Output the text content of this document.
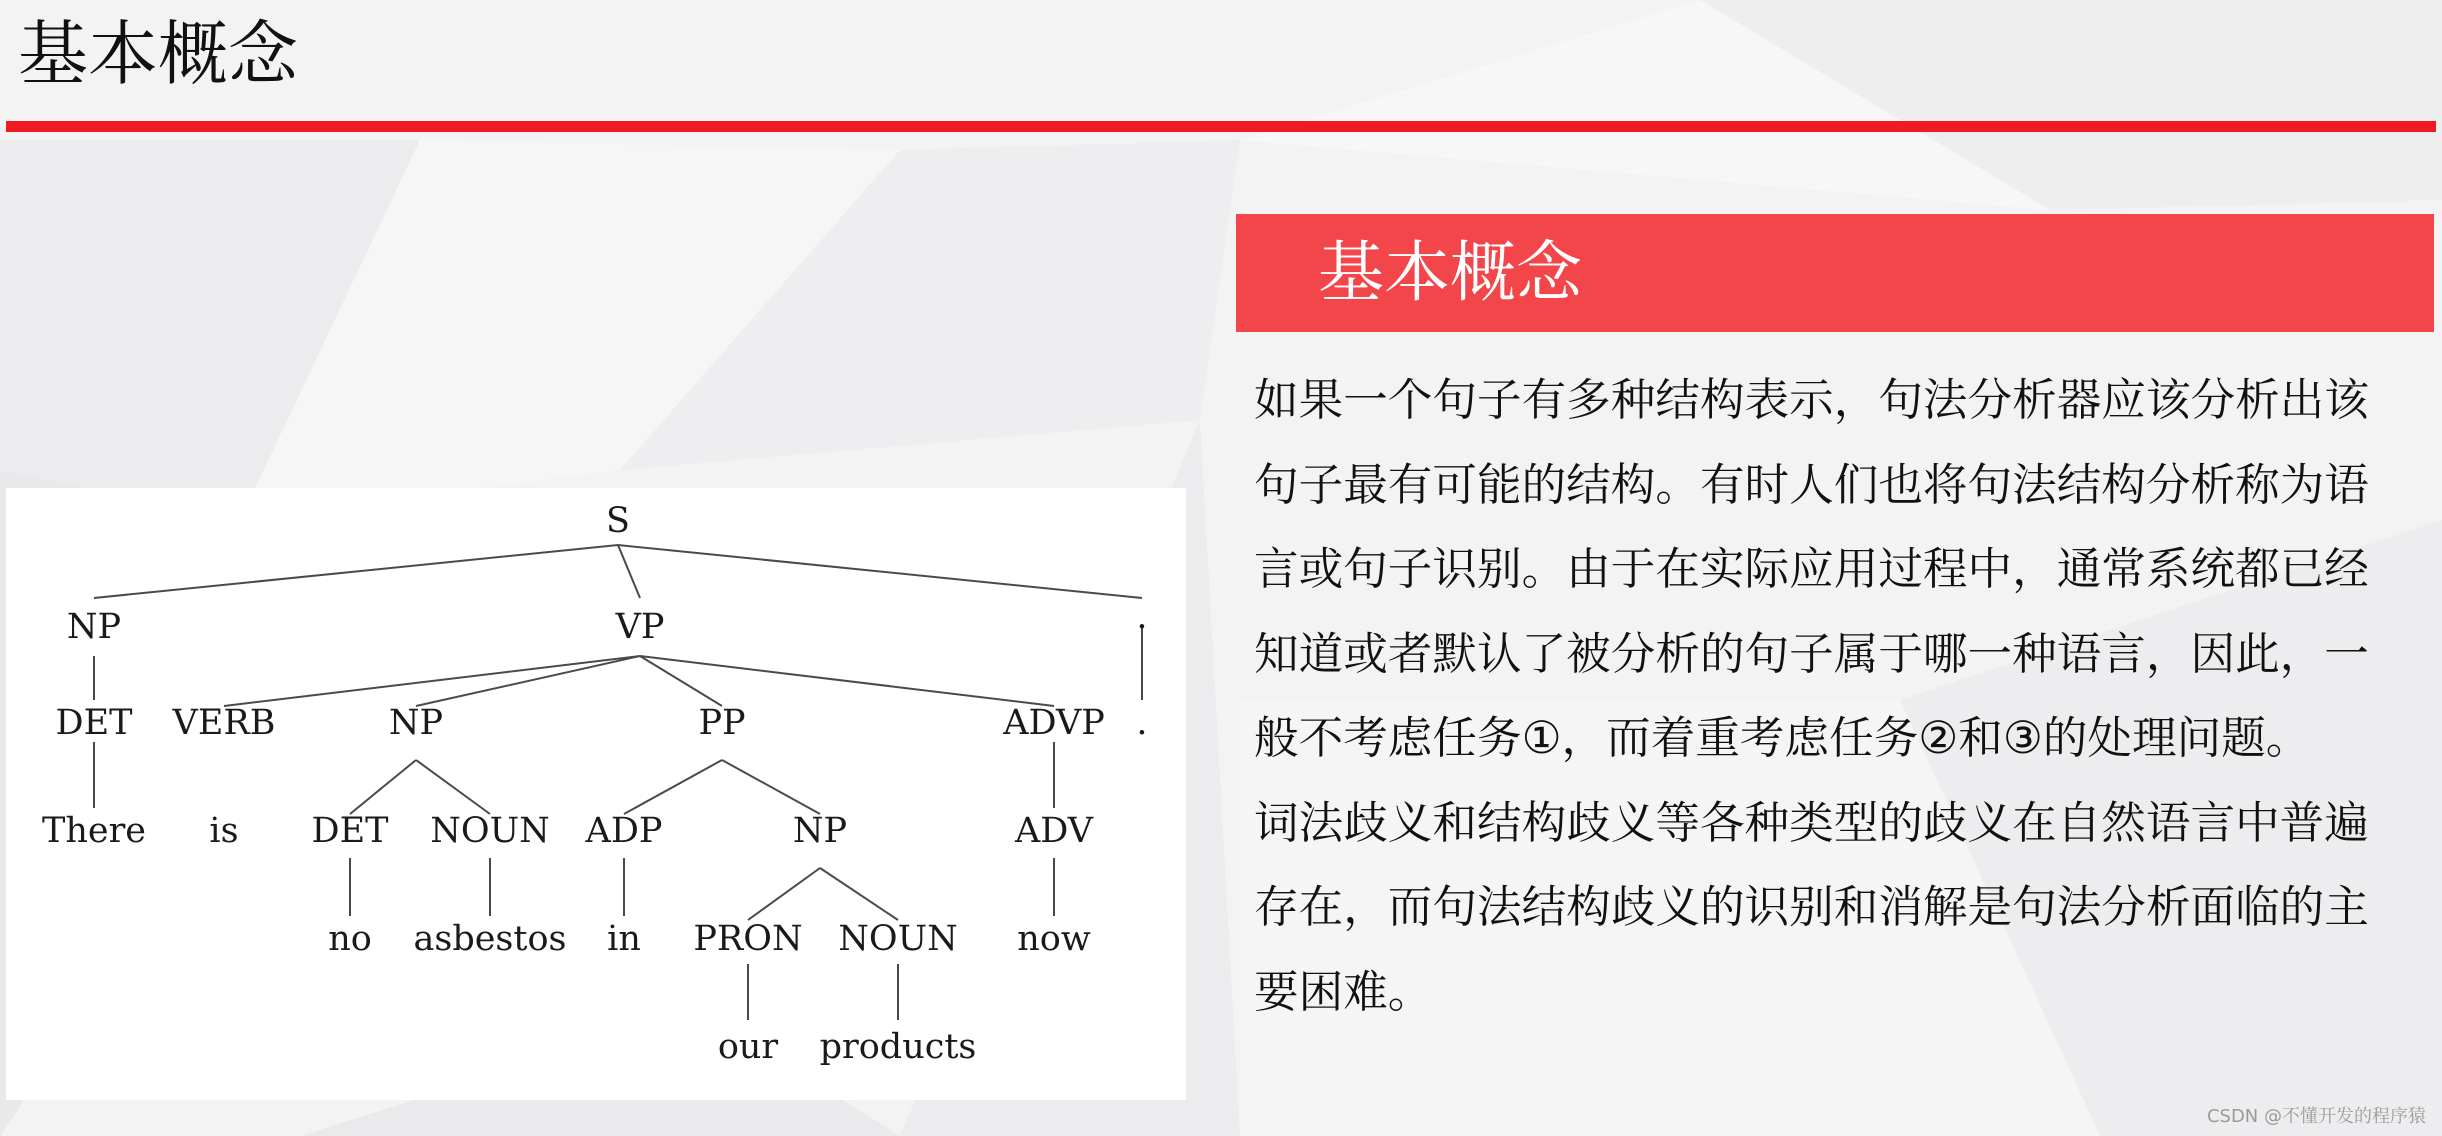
基本概念
基本概念

如果一个句子有多种结构表示，句法分析器应该分析出该句子最有可能的结构。有时人们也将句法结构分析称为语言或句子识别。由于在实际应用过程中，通常系统都已经知道或者默认了被分析的句子属于哪一种语言，因此，一般不考虑任务①，而着重考虑任务②和③的处理问题。

词法歧义和结构歧义等各种类型的歧义在自然语言中普遍存在，而句法结构歧义的识别和消解是句法分析面临的主要困难。

S
NP	VP	.
DET VERB	NP	PP	ADVP .
There is DET NOUN ADP	NP	ADV
no asbestos in PRON NOUN now
our products
CSDN @不懂开发的程序猿
